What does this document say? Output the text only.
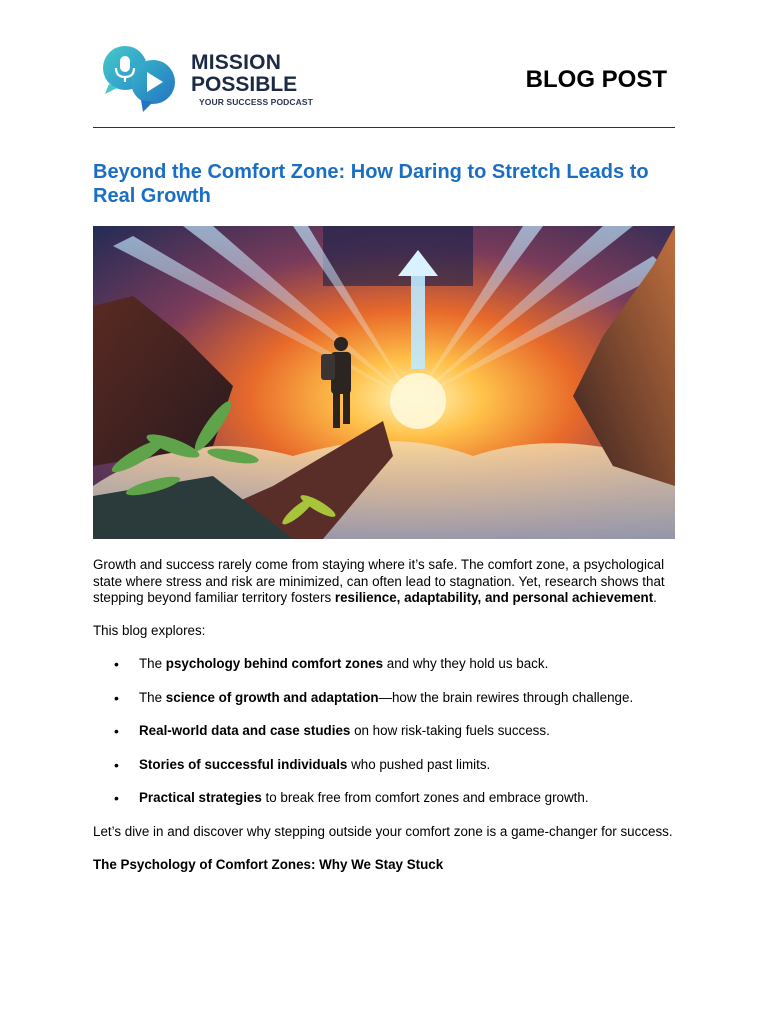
MISSION
POSSIBLE
YOUR SUCCESS PODCAST
BLOG POST
Beyond the Comfort Zone: How Daring to Stretch Leads to Real Growth

Growth and success rarely come from staying where it’s safe. The comfort zone, a psychological state where stress and risk are minimized, can often lead to stagnation. Yet, research shows that stepping beyond familiar territory fosters resilience, adaptability, and personal achievement.

This blog explores:

• The psychology behind comfort zones and why they hold us back.
• The science of growth and adaptation—how the brain rewires through challenge.
• Real-world data and case studies on how risk-taking fuels success.
• Stories of successful individuals who pushed past limits.
• Practical strategies to break free from comfort zones and embrace growth.

Let’s dive in and discover why stepping outside your comfort zone is a game-changer for success.

The Psychology of Comfort Zones: Why We Stay Stuck
